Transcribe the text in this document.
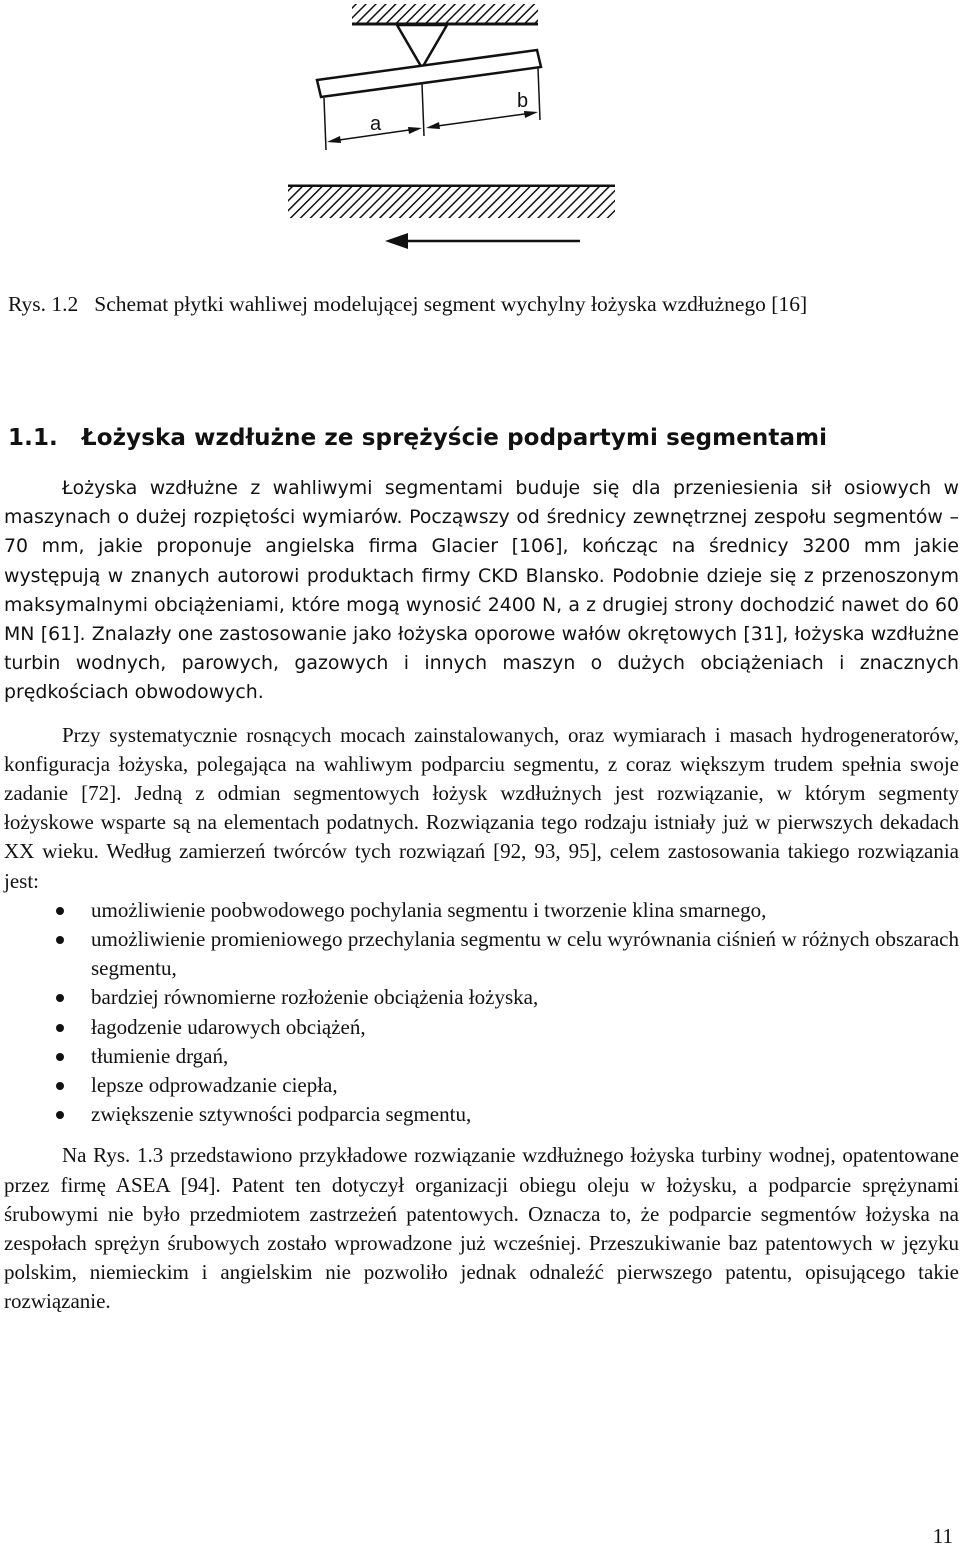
a
b

Rys. 1.2 Schemat płytki wahliwej modelującej segment wychylny łożyska wzdłużnego [16]

1.1. Łożyska wzdłużne ze sprężyście podpartymi segmentami

Łożyska wzdłużne z wahliwymi segmentami buduje się dla przeniesienia sił osiowych w maszynach o dużej rozpiętości wymiarów. Począwszy od średnicy zewnętrznej zespołu segmentów – 70 mm, jakie proponuje angielska firma Glacier [106], kończąc na średnicy 3200 mm jakie występują w znanych autorowi produktach firmy CKD Blansko. Podobnie dzieje się z przenoszonym maksymalnymi obciążeniami, które mogą wynosić 2400 N, a z drugiej strony dochodzić nawet do 60 MN [61]. Znalazły one zastosowanie jako łożyska oporowe wałów okrętowych [31], łożyska wzdłużne turbin wodnych, parowych, gazowych i innych maszyn o dużych obciążeniach i znacznych prędkościach obwodowych.

Przy systematycznie rosnących mocach zainstalowanych, oraz wymiarach i masach hydrogeneratorów, konfiguracja łożyska, polegająca na wahliwym podparciu segmentu, z coraz większym trudem spełnia swoje zadanie [72]. Jedną z odmian segmentowych łożysk wzdłużnych jest rozwiązanie, w którym segmenty łożyskowe wsparte są na elementach podatnych. Rozwiązania tego rodzaju istniały już w pierwszych dekadach XX wieku. Według zamierzeń twórców tych rozwiązań [92, 93, 95], celem zastosowania takiego rozwiązania jest:

umożliwienie poobwodowego pochylania segmentu i tworzenie klina smarnego,
umożliwienie promieniowego przechylania segmentu w celu wyrównania ciśnień w różnych obszarach segmentu,
bardziej równomierne rozłożenie obciążenia łożyska,
łagodzenie udarowych obciążeń,
tłumienie drgań,
lepsze odprowadzanie ciepła,
zwiększenie sztywności podparcia segmentu,

Na Rys. 1.3 przedstawiono przykładowe rozwiązanie wzdłużnego łożyska turbiny wodnej, opatentowane przez firmę ASEA [94]. Patent ten dotyczył organizacji obiegu oleju w łożysku, a podparcie sprężynami śrubowymi nie było przedmiotem zastrzeżeń patentowych. Oznacza to, że podparcie segmentów łożyska na zespołach sprężyn śrubowych zostało wprowadzone już wcześniej. Przeszukiwanie baz patentowych w języku polskim, niemieckim i angielskim nie pozwoliło jednak odnaleźć pierwszego patentu, opisującego takie rozwiązanie.

11
